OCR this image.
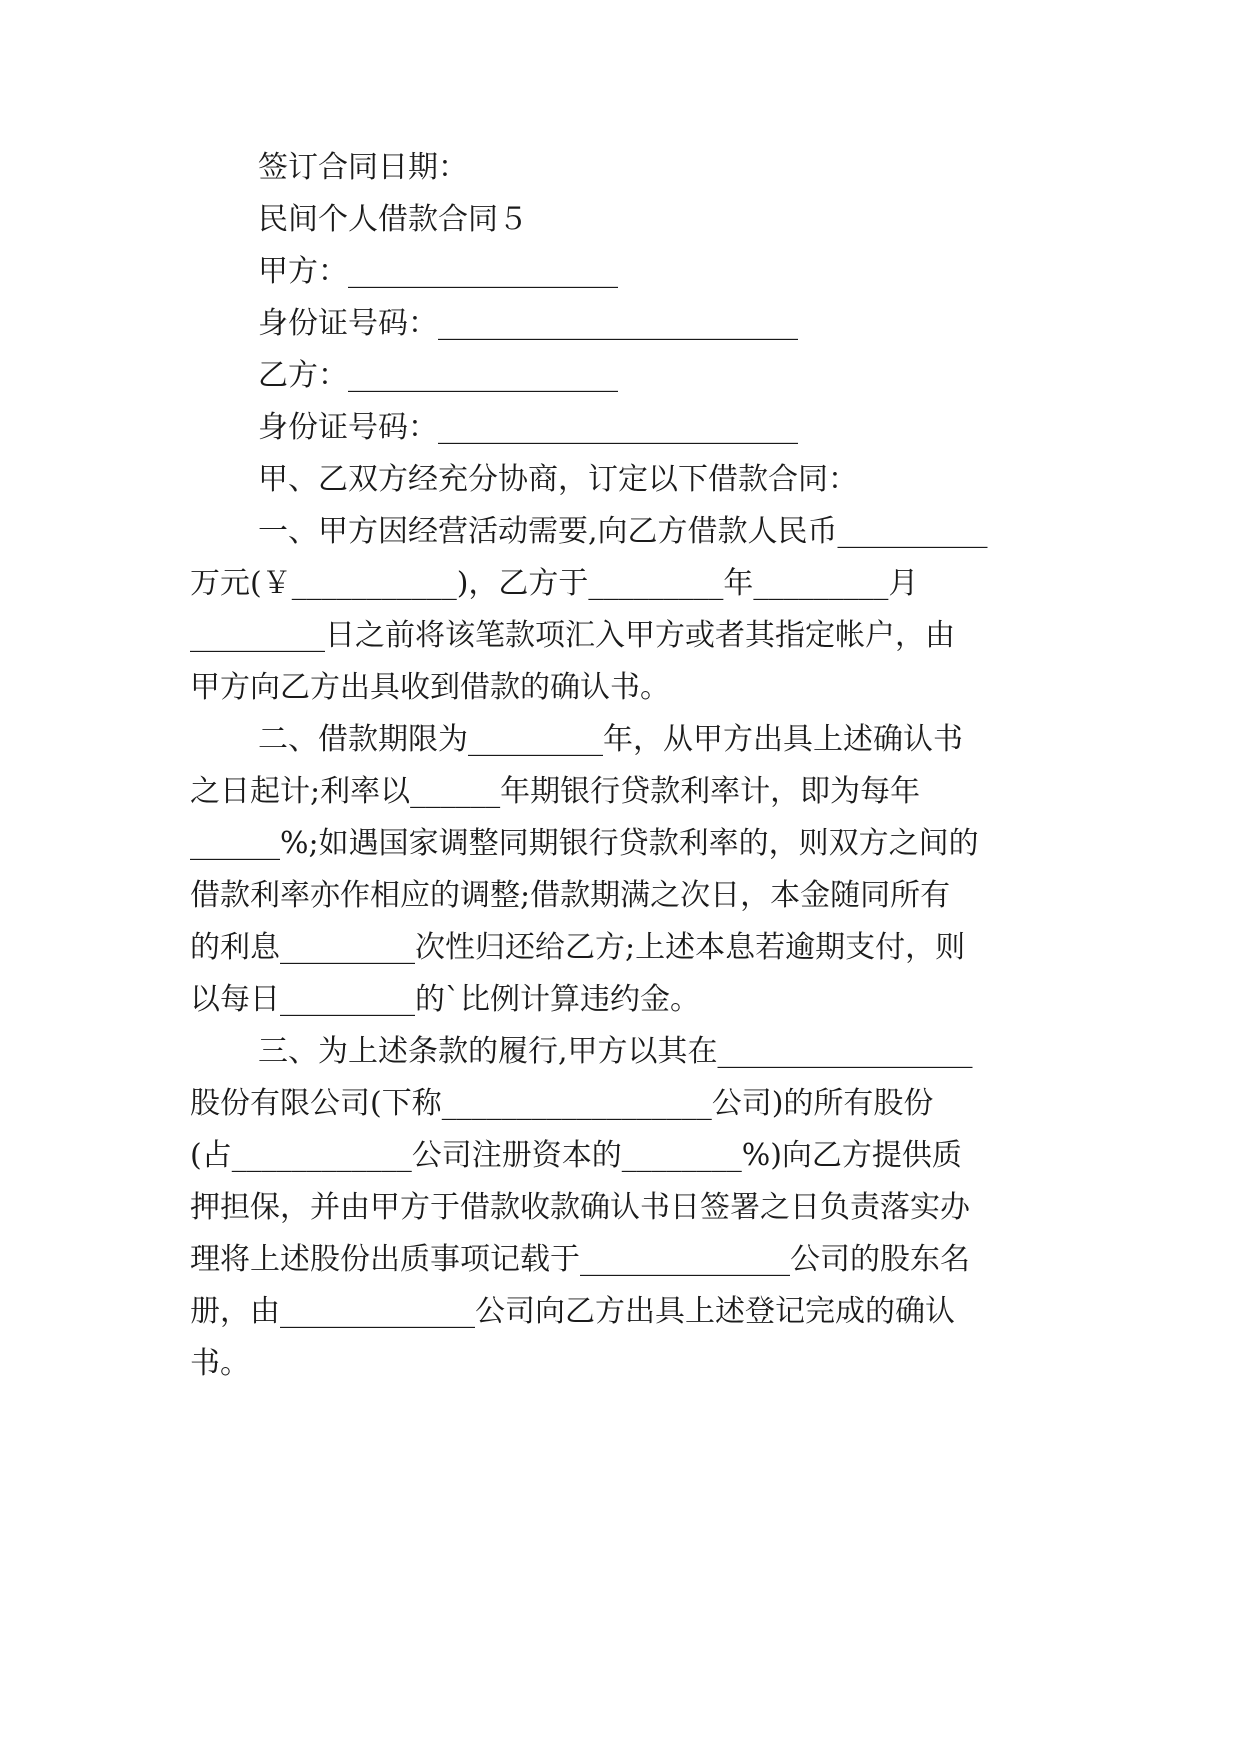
签订合同日期：
民间个人借款合同５
甲方：__________________
身份证号码：________________________
乙方：__________________
身份证号码：________________________
甲、乙双方经充分协商，订定以下借款合同：
一、甲方因经营活动需要,向乙方借款人民币__________
万元(￥___________)，乙方于_________年_________月
_________日之前将该笔款项汇入甲方或者其指定帐户，由
甲方向乙方出具收到借款的确认书。
二、借款期限为_________年，从甲方出具上述确认书
之日起计;利率以______年期银行贷款利率计，即为每年
______%;如遇国家调整同期银行贷款利率的，则双方之间的
借款利率亦作相应的调整;借款期满之次日，本金随同所有
的利息_________次性归还给乙方;上述本息若逾期支付，则
以每日_________的`比例计算违约金。
三、为上述条款的履行,甲方以其在_________________
股份有限公司(下称__________________公司)的所有股份
(占____________公司注册资本的________%)向乙方提供质
押担保，并由甲方于借款收款确认书日签署之日负责落实办
理将上述股份出质事项记载于______________公司的股东名
册，由_____________公司向乙方出具上述登记完成的确认
书。
